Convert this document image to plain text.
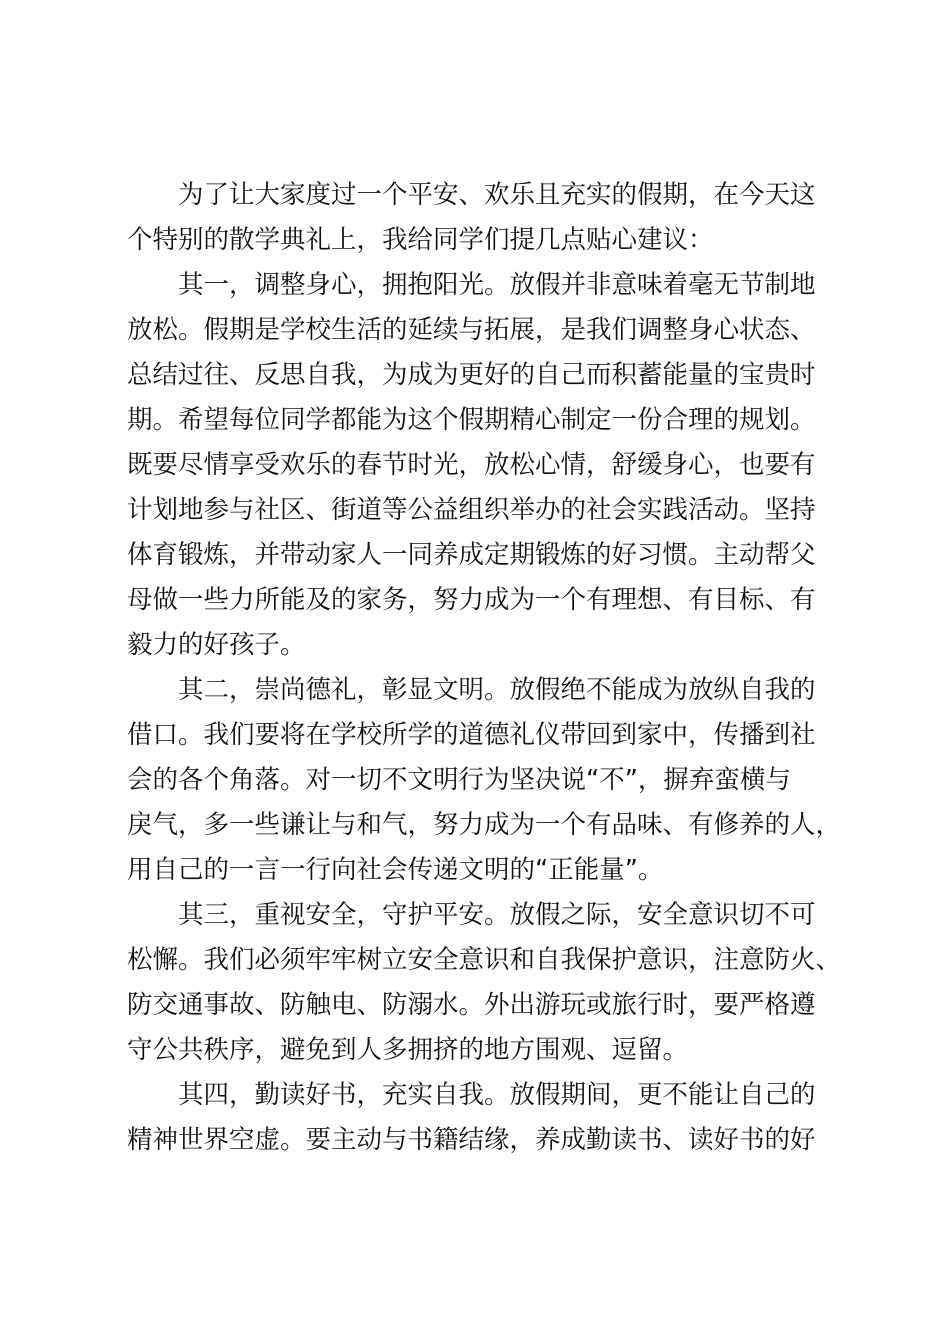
为了让大家度过一个平安、欢乐且充实的假期，在今天这
个特别的散学典礼上，我给同学们提几点贴心建议：
其一，调整身心，拥抱阳光。放假并非意味着毫无节制地
放松。假期是学校生活的延续与拓展，是我们调整身心状态、
总结过往、反思自我，为成为更好的自己而积蓄能量的宝贵时
期。希望每位同学都能为这个假期精心制定一份合理的规划。
既要尽情享受欢乐的春节时光，放松心情，舒缓身心，也要有
计划地参与社区、街道等公益组织举办的社会实践活动。坚持
体育锻炼，并带动家人一同养成定期锻炼的好习惯。主动帮父
母做一些力所能及的家务，努力成为一个有理想、有目标、有
毅力的好孩子。
其二，崇尚德礼，彰显文明。放假绝不能成为放纵自我的
借口。我们要将在学校所学的道德礼仪带回到家中，传播到社
会的各个角落。对一切不文明行为坚决说“不”，摒弃蛮横与
戾气，多一些谦让与和气，努力成为一个有品味、有修养的人，
用自己的一言一行向社会传递文明的“正能量”。
其三，重视安全，守护平安。放假之际，安全意识切不可
松懈。我们必须牢牢树立安全意识和自我保护意识，注意防火、
防交通事故、防触电、防溺水。外出游玩或旅行时，要严格遵
守公共秩序，避免到人多拥挤的地方围观、逗留。
其四，勤读好书，充实自我。放假期间，更不能让自己的
精神世界空虚。要主动与书籍结缘，养成勤读书、读好书的好
